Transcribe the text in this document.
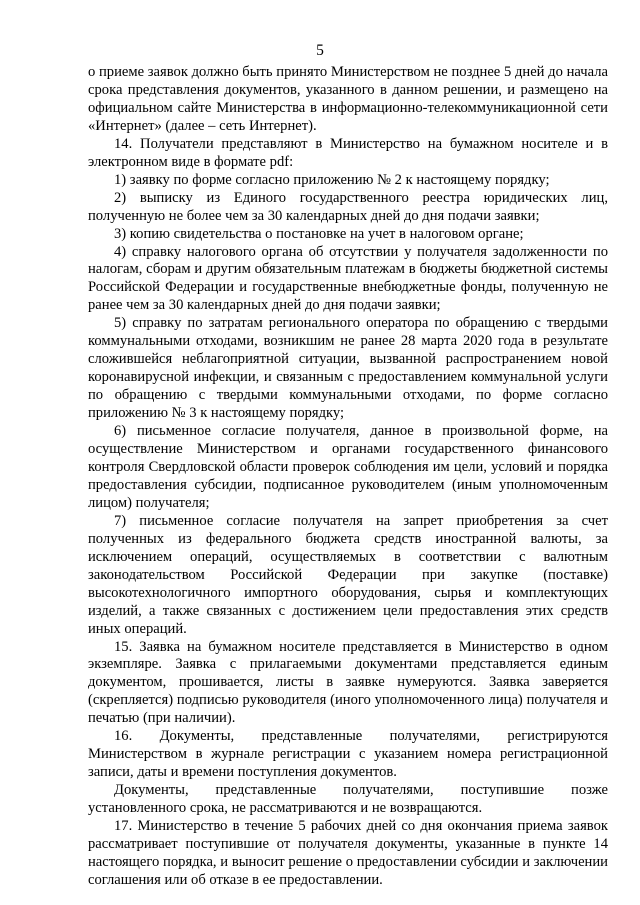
5

о приеме заявок должно быть принято Министерством не позднее 5 дней до начала срока представления документов, указанного в данном решении, и размещено на официальном сайте Министерства в информационно-телекоммуникационной сети «Интернет» (далее – сеть Интернет).

14. Получатели представляют в Министерство на бумажном носителе и в электронном виде в формате pdf:

1) заявку по форме согласно приложению № 2 к настоящему порядку;

2) выписку из Единого государственного реестра юридических лиц, полученную не более чем за 30 календарных дней до дня подачи заявки;

3) копию свидетельства о постановке на учет в налоговом органе;

4) справку налогового органа об отсутствии у получателя задолженности по налогам, сборам и другим обязательным платежам в бюджеты бюджетной системы Российской Федерации и государственные внебюджетные фонды, полученную не ранее чем за 30 календарных дней до дня подачи заявки;

5) справку по затратам регионального оператора по обращению с твердыми коммунальными отходами, возникшим не ранее 28 марта 2020 года в результате сложившейся неблагоприятной ситуации, вызванной распространением новой коронавирусной инфекции, и связанным с предоставлением коммунальной услуги по обращению с твердыми коммунальными отходами, по форме согласно приложению № 3 к настоящему порядку;

6) письменное согласие получателя, данное в произвольной форме, на осуществление Министерством и органами государственного финансового контроля Свердловской области проверок соблюдения им цели, условий и порядка предоставления субсидии, подписанное руководителем (иным уполномоченным лицом) получателя;

7) письменное согласие получателя на запрет приобретения за счет полученных из федерального бюджета средств иностранной валюты, за исключением операций, осуществляемых в соответствии с валютным законодательством Российской Федерации при закупке (поставке) высокотехнологичного импортного оборудования, сырья и комплектующих изделий, а также связанных с достижением цели предоставления этих средств иных операций.

15. Заявка на бумажном носителе представляется в Министерство в одном экземпляре. Заявка с прилагаемыми документами представляется единым документом, прошивается, листы в заявке нумеруются. Заявка заверяется (скрепляется) подписью руководителя (иного уполномоченного лица) получателя и печатью (при наличии).

16. Документы, представленные получателями, регистрируются Министерством в журнале регистрации с указанием номера регистрационной записи, даты и времени поступления документов.

Документы, представленные получателями, поступившие позже установленного срока, не рассматриваются и не возвращаются.

17. Министерство в течение 5 рабочих дней со дня окончания приема заявок рассматривает поступившие от получателя документы, указанные в пункте 14 настоящего порядка, и выносит решение о предоставлении субсидии и заключении соглашения или об отказе в ее предоставлении.
